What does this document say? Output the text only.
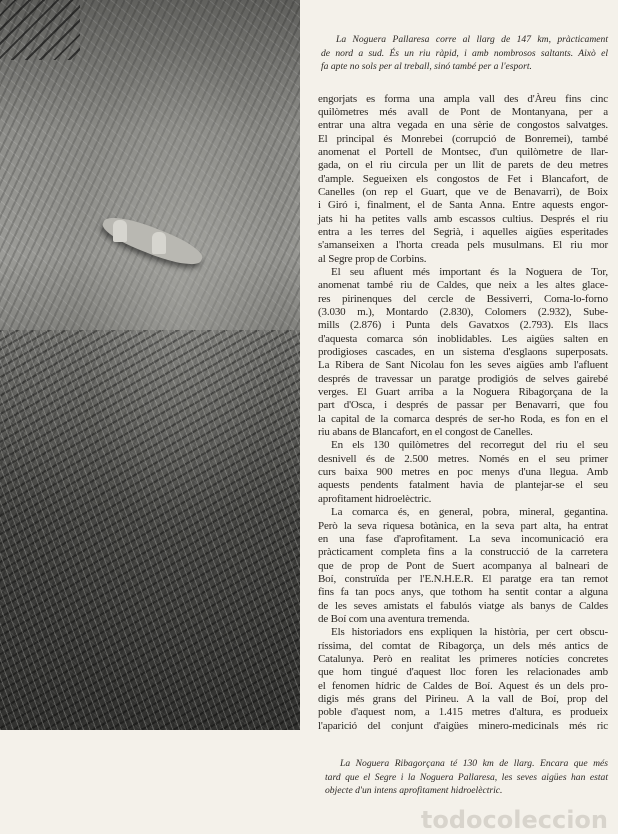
La Noguera Pallaresa corre al llarg de 147 km, pràcticament
de nord a sud. És un riu ràpid, i amb nombrosos saltants. Això el
fa apte no sols per al treball, sinó també per a l'esport.
engorjats es forma una ampla vall des d'Àreu fins cinc
quilòmetres més avall de Pont de Montanyana, per a
entrar una altra vegada en una sèrie de congostos salvatges.
El principal és Monrebei (corrupció de Bonremei), també
anomenat el Portell de Montsec, d'un quilòmetre de llar-
gada, on el riu circula per un llit de parets de deu metres
d'ample. Segueixen els congostos de Fet i Blancafort, de
Canelles (on rep el Guart, que ve de Benavarri), de Boix
i Giró i, finalment, el de Santa Anna. Entre aquests engor-
jats hi ha petites valls amb escassos cultius. Després el riu
entra a les terres del Segrià, i aquelles aigües esperitades
s'amanseixen a l'horta creada pels musulmans. El riu mor
al Segre prop de Corbins.
El seu afluent més important és la Noguera de Tor,
anomenat també riu de Caldes, que neix a les altes glace-
res pirinenques del cercle de Bessiverri, Coma-lo-forno
(3.030 m.), Montardo (2.830), Colomers (2.932), Sube-
mills (2.876) i Punta dels Gavatxos (2.793). Els llacs
d'aquesta comarca són inoblidables. Les aigües salten en
prodigioses cascades, en un sistema d'esglaons superposats.
La Ribera de Sant Nicolau fon les seves aigües amb l'afluent
després de travessar un paratge prodigiós de selves gairebé
verges. El Guart arriba a la Noguera Ribagorçana de la
part d'Osca, i després de passar per Benavarri, que fou
la capital de la comarca després de ser-ho Roda, es fon en el
riu abans de Blancafort, en el congost de Canelles.
En els 130 quilòmetres del recorregut del riu el seu
desnivell és de 2.500 metres. Només en el seu primer
curs baixa 900 metres en poc menys d'una llegua. Amb
aquests pendents fatalment havia de plantejar-se el seu
aprofitament hidroelèctric.
La comarca és, en general, pobra, mineral, gegantina.
Però la seva riquesa botànica, en la seva part alta, ha entrat
en una fase d'aprofitament. La seva incomunicació era
pràcticament completa fins a la construcció de la carretera
que de prop de Pont de Suert acompanya al balneari de
Boí, construïda per l'E.N.H.E.R. El paratge era tan remot
fins fa tan pocs anys, que tothom ha sentit contar a alguna
de les seves amistats el fabulós viatge als banys de Caldes
de Boí com una aventura tremenda.
Els historiadors ens expliquen la història, per cert obscu-
ríssima, del comtat de Ribagorça, un dels més antics de
Catalunya. Però en realitat les primeres notícies concretes
que hom tingué d'aquest lloc foren les relacionades amb
el fenomen hídric de Caldes de Boí. Aquest és un dels pro-
digis més grans del Pirineu. A la vall de Boí, prop del
poble d'aquest nom, a 1.415 metres d'altura, es produeix
l'aparició del conjunt d'aigües minero-medicinals més ric
La Noguera Ribagorçana té 130 km de llarg. Encara que més
tard que el Segre i la Noguera Pallaresa, les seves aigües han estat
objecte d'un intens aprofitament hidroelèctric.
todocoleccion
